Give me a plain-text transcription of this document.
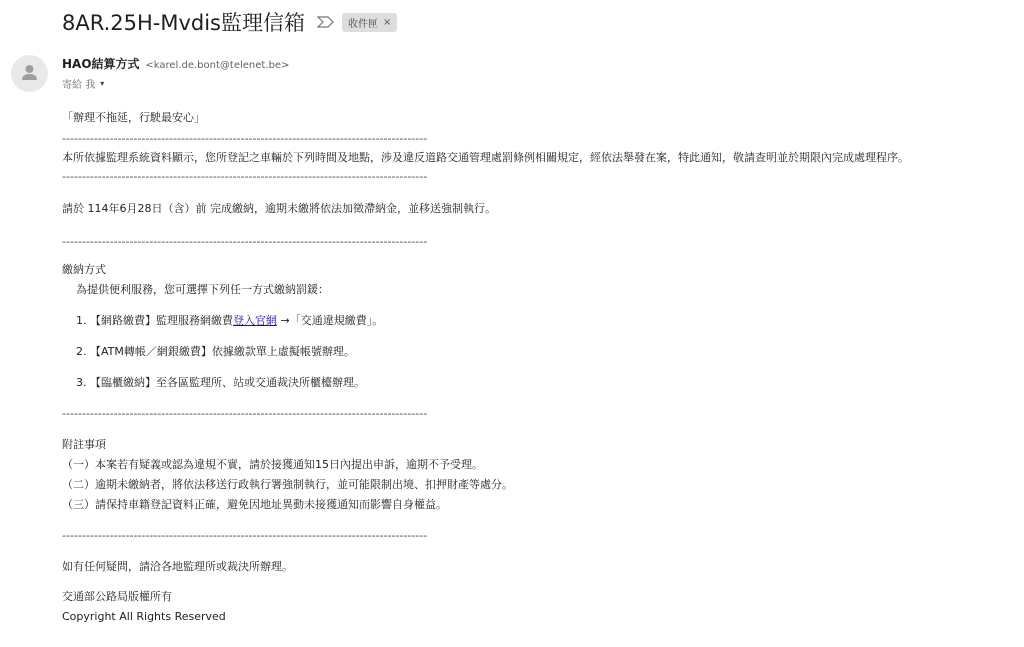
8AR.25H-Mvdis監理信箱	收件匣 ×
HAO結算方式 <karel.de.bont@telenet.be>
寄給 我 ▾

「辦理不拖延，行駛最安心」

--------------------------------------------------------------------------------------------

本所依據監理系統資料顯示，您所登記之車輛於下列時間及地點，涉及違反道路交通管理處罰條例相關規定，經依法舉發在案，特此通知，敬請查明並於期限內完成處理程序。

--------------------------------------------------------------------------------------------

請於 114年6月28日（含）前 完成繳納，逾期未繳將依法加徵滯納金，並移送強制執行。

--------------------------------------------------------------------------------------------

繳納方式

為提供便利服務，您可選擇下列任一方式繳納罰鍰：

1. 【網路繳費】監理服務網繳費登入官網 →「交通違規繳費」。

2. 【ATM轉帳／網銀繳費】依據繳款單上虛擬帳號辦理。

3. 【臨櫃繳納】至各區監理所、站或交通裁決所櫃檯辦理。

--------------------------------------------------------------------------------------------

附註事項

（一）本案若有疑義或認為違規不實，請於接獲通知15日內提出申訴，逾期不予受理。

（二）逾期未繳納者，將依法移送行政執行署強制執行，並可能限制出境、扣押財產等處分。

（三）請保持車籍登記資料正確，避免因地址異動未接獲通知而影響自身權益。

--------------------------------------------------------------------------------------------

如有任何疑問，請洽各地監理所或裁決所辦理。

交通部公路局版權所有

Copyright All Rights Reserved
